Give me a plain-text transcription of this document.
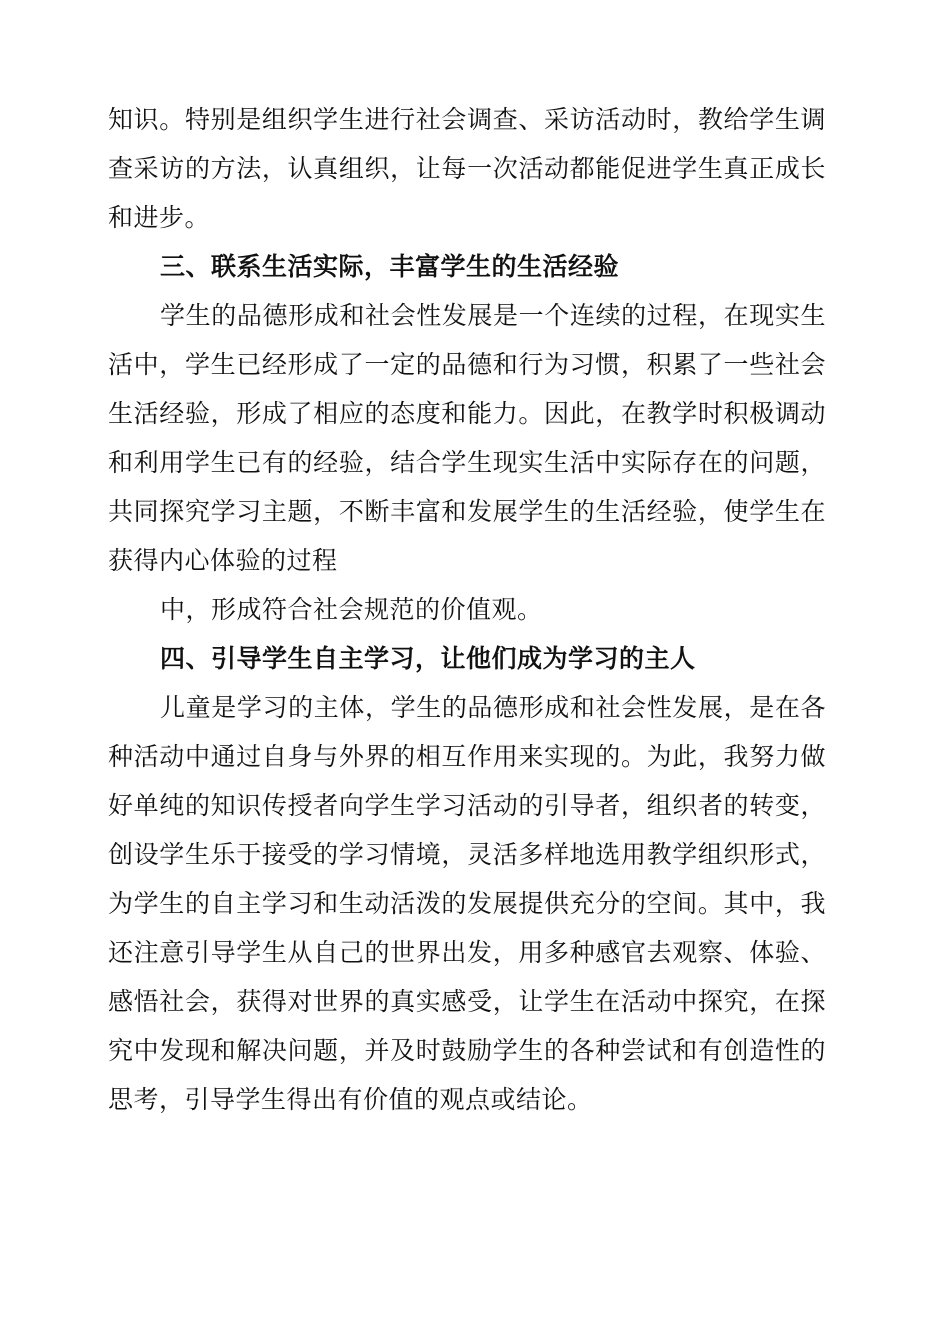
知识。特别是组织学生进行社会调查、采访活动时，教给学生调
查采访的方法，认真组织，让每一次活动都能促进学生真正成长
和进步。
三、联系生活实际，丰富学生的生活经验
学生的品德形成和社会性发展是一个连续的过程，在现实生
活中，学生已经形成了一定的品德和行为习惯，积累了一些社会
生活经验，形成了相应的态度和能力。因此，在教学时积极调动
和利用学生已有的经验，结合学生现实生活中实际存在的问题，
共同探究学习主题，不断丰富和发展学生的生活经验，使学生在
获得内心体验的过程
中，形成符合社会规范的价值观。
四、引导学生自主学习，让他们成为学习的主人
儿童是学习的主体，学生的品德形成和社会性发展，是在各
种活动中通过自身与外界的相互作用来实现的。为此，我努力做
好单纯的知识传授者向学生学习活动的引导者，组织者的转变，
创设学生乐于接受的学习情境，灵活多样地选用教学组织形式，
为学生的自主学习和生动活泼的发展提供充分的空间。其中，我
还注意引导学生从自己的世界出发，用多种感官去观察、体验、
感悟社会，获得对世界的真实感受，让学生在活动中探究，在探
究中发现和解决问题，并及时鼓励学生的各种尝试和有创造性的
思考，引导学生得出有价值的观点或结论。
